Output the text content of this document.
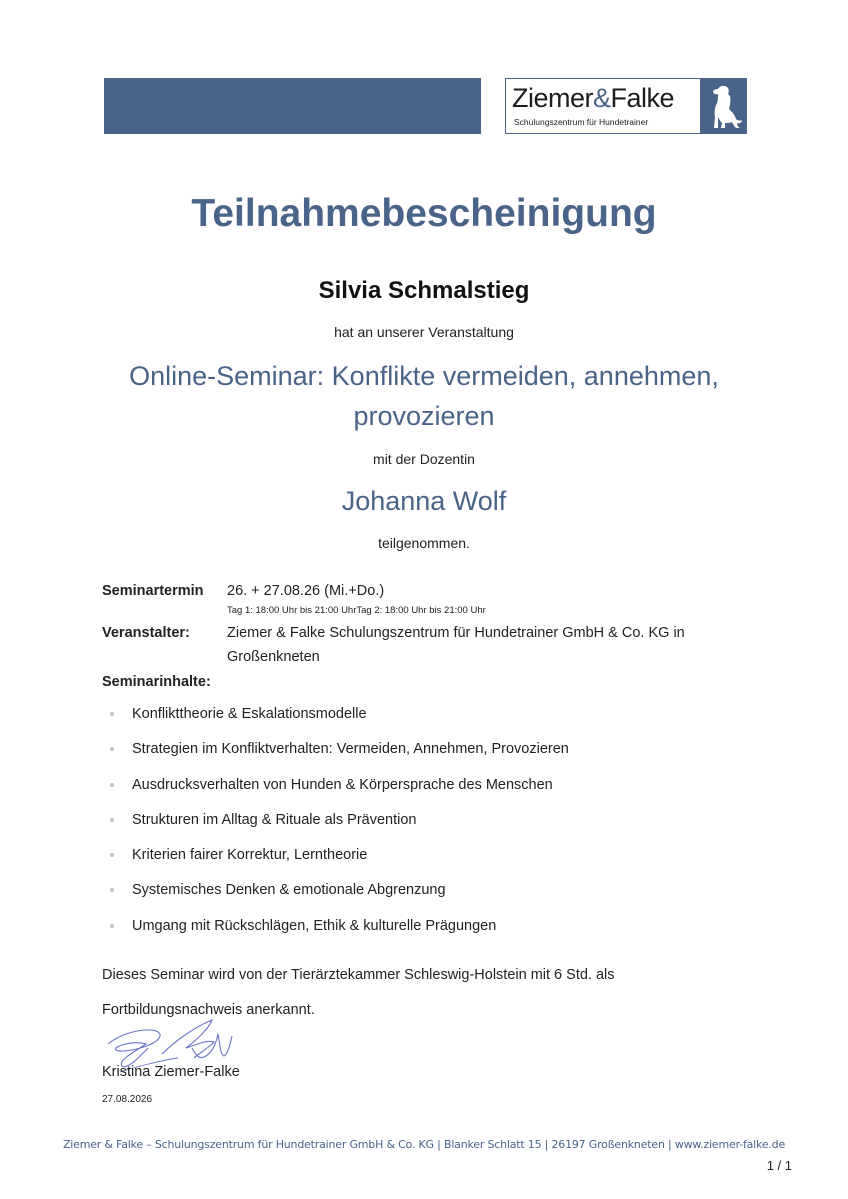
Ziemer&Falke
Schulungszentrum für Hundetrainer
Teilnahmebescheinigung
Silvia Schmalstieg
hat an unserer Veranstaltung
Online-Seminar: Konflikte vermeiden, annehmen, provozieren
mit der Dozentin
Johanna Wolf
teilgenommen.
Seminartermin 26. + 27.08.26 (Mi.+Do.)
Tag 1: 18:00 Uhr bis 21:00 UhrTag 2: 18:00 Uhr bis 21:00 Uhr
Veranstalter:	Ziemer & Falke Schulungszentrum für Hundetrainer GmbH & Co. KG in Großenkneten
Seminarinhalte:
Konflikttheorie & Eskalationsmodelle
Strategien im Konfliktverhalten: Vermeiden, Annehmen, Provozieren
Ausdrucksverhalten von Hunden & Körpersprache des Menschen
Strukturen im Alltag & Rituale als Prävention
Kriterien fairer Korrektur, Lerntheorie
Systemisches Denken & emotionale Abgrenzung
Umgang mit Rückschlägen, Ethik & kulturelle Prägungen
Dieses Seminar wird von der Tierärztekammer Schleswig-Holstein mit 6 Std. als Fortbildungsnachweis anerkannt.
Kristina Ziemer-Falke
27.08.2026
Ziemer & Falke – Schulungszentrum für Hundetrainer GmbH & Co. KG | Blanker Schlatt 15 | 26197 Großenkneten | www.ziemer-falke.de
1 / 1
